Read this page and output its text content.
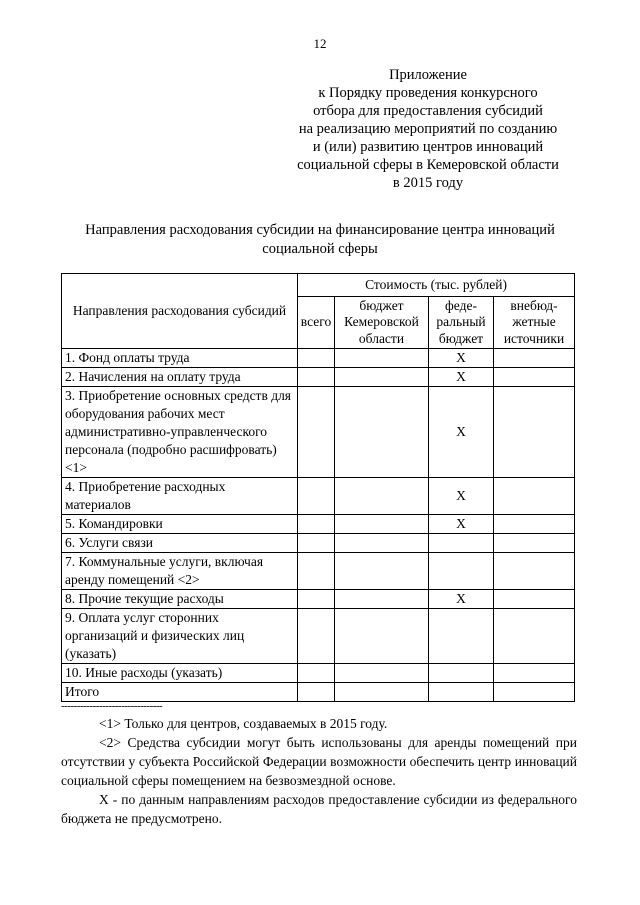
12
Приложение
к Порядку проведения конкурсного
отбора для предоставления субсидий
на реализацию мероприятий по созданию
и (или) развитию центров инноваций
социальной сферы в Кемеровской области
в 2015 году
Направления расходования субсидии на финансирование центра инноваций
социальной сферы
Направления расходования субсидий	Стоимость (тыс. рублей)			
	всего	бюджет Кемеровской области	феде-ральный бюджет	внебюд-жетные источники
1. Фонд оплаты труда			Х	
2. Начисления на оплату труда			Х	
3. Приобретение основных средств для оборудования рабочих мест административно-управленческого персонала (подробно расшифровать) <1>			Х	
4. Приобретение расходных материалов			Х	
5. Командировки			Х	
6. Услуги связи				
7. Коммунальные услуги, включая аренду помещений <2>				
8. Прочие текущие расходы			Х	
9. Оплата услуг сторонних организаций и физических лиц (указать)				
10. Иные расходы (указать)				
Итого				
--------------------------------

<1> Только для центров, создаваемых в 2015 году.

<2> Средства субсидии могут быть использованы для аренды помещений при отсутствии у субъекта Российской Федерации возможности обеспечить центр инноваций социальной сферы помещением на безвозмездной основе.

Х - по данным направлениям расходов предоставление субсидии из федерального бюджета не предусмотрено.
